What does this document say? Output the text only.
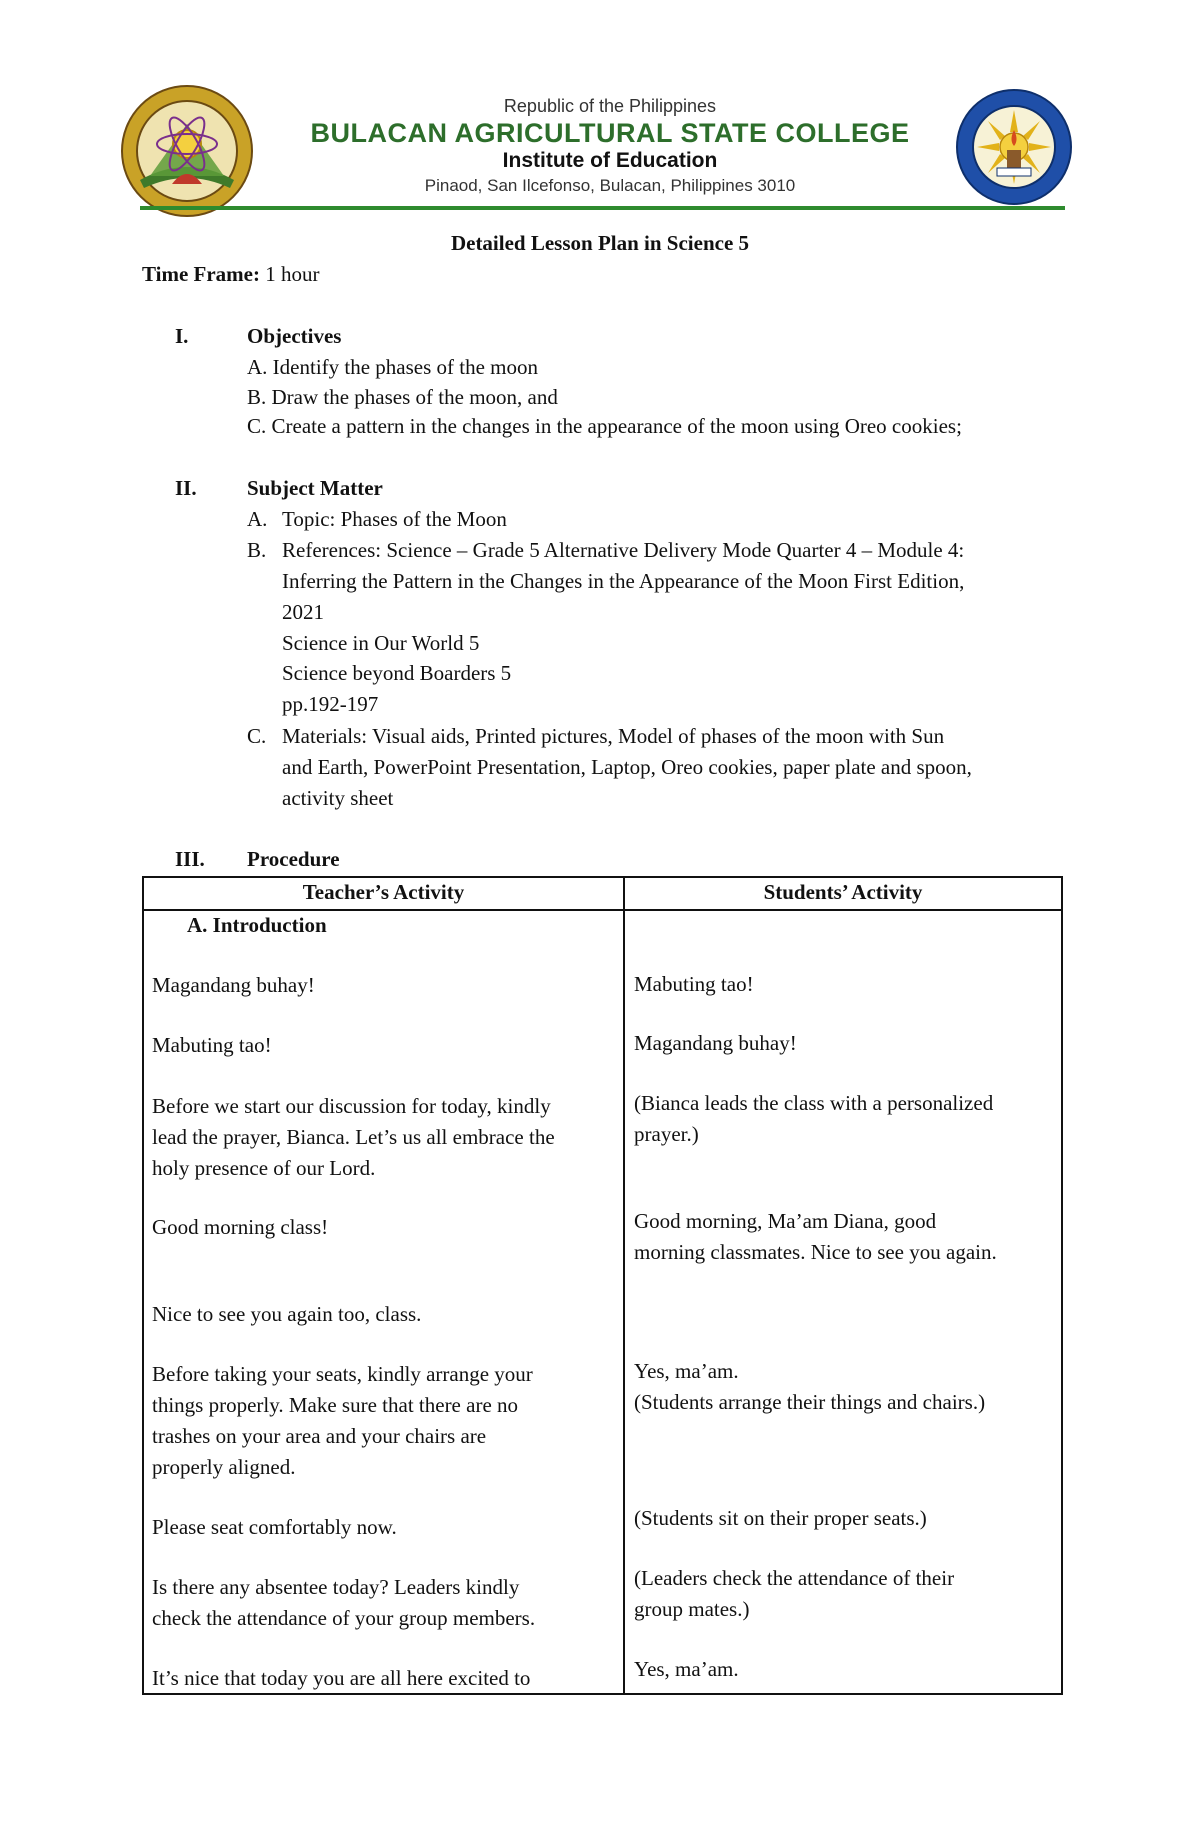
Republic of the Philippines
BULACAN AGRICULTURAL STATE COLLEGE
Institute of Education
Pinaod, San Ilcefonso, Bulacan, Philippines 3010
Detailed Lesson Plan in Science 5
Time Frame: 1 hour
I.	Objectives
A. Identify the phases of the moon
B. Draw the phases of the moon, and
C. Create a pattern in the changes in the appearance of the moon using Oreo cookies;
II. Subject Matter
A. Topic: Phases of the Moon
B. References: Science – Grade 5 Alternative Delivery Mode Quarter 4 – Module 4:
Inferring the Pattern in the Changes in the Appearance of the Moon First Edition,
2021
Science in Our World 5
Science beyond Boarders 5
pp.192-197
C. Materials: Visual aids, Printed pictures, Model of phases of the moon with Sun
and Earth, PowerPoint Presentation, Laptop, Oreo cookies, paper plate and spoon,
activity sheet
III. Procedure
Teacher’s Activity	Students’ Activity
A. Introduction
Magandang buhay!
Mabuting tao!
Before we start our discussion for today, kindly
lead the prayer, Bianca. Let’s us all embrace the
holy presence of our Lord.
Good morning class!
Nice to see you again too, class.
Before taking your seats, kindly arrange your
things properly. Make sure that there are no
trashes on your area and your chairs are
properly aligned.
Please seat comfortably now.
Is there any absentee today? Leaders kindly
check the attendance of your group members.
It’s nice that today you are all here excited to
Mabuting tao!
Magandang buhay!
(Bianca leads the class with a personalized
prayer.)
Good morning, Ma’am Diana, good
morning classmates. Nice to see you again.
Yes, ma’am.
(Students arrange their things and chairs.)
(Students sit on their proper seats.)
(Leaders check the attendance of their
group mates.)
Yes, ma’am.
